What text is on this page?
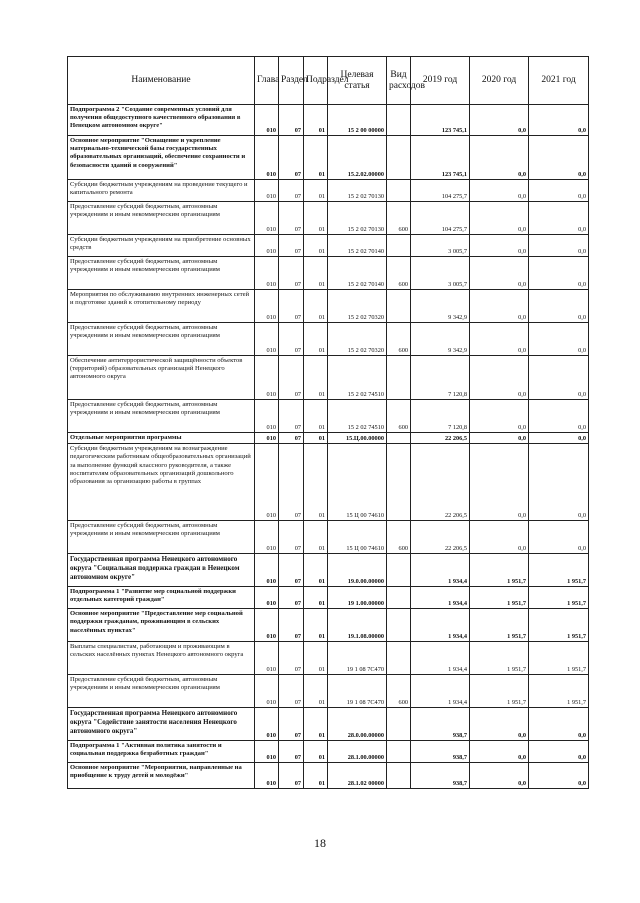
Наименование	Глава	Раздел	Подраздел	Целевая статья	Вид расходов	2019 год	2020 год	2021 год
Подпрограмма 2 "Создание современных условий для получения общедоступного качественного образования в Ненецком автономном округе"	010	07	01	15 2 00 00000		123 745,1	0,0	0,0
Основное мероприятие "Оснащение и укрепление материально-технической базы государственных образовательных организаций, обеспечение сохранности и безопасности зданий и сооружений"	010	07	01	15.2.02.00000		123 745,1	0,0	0,0
Субсидии бюджетным учреждениям на проведение текущего и капитального ремонта	010	07	01	15 2 02 70130		104 275,7	0,0	0,0
Предоставление субсидий бюджетным, автономным учреждениям и иным некоммерческим организациям	010	07	01	15 2 02 70130	600	104 275,7	0,0	0,0
Субсидии бюджетным учреждениям на приобретение основных средств	010	07	01	15 2 02 70140		3 005,7	0,0	0,0
Предоставление субсидий бюджетным, автономным учреждениям и иным некоммерческим организациям	010	07	01	15 2 02 70140	600	3 005,7	0,0	0,0
Мероприятия по обслуживанию внутренних инженерных сетей и подготовке зданий к отопительному периоду	010	07	01	15 2 02 70320		9 342,9	0,0	0,0
Предоставление субсидий бюджетным, автономным учреждениям и иным некоммерческим организациям	010	07	01	15 2 02 70320	600	9 342,9	0,0	0,0
Обеспечение антитеррористической защищённости объектов (территорий) образовательных организаций Ненецкого автономного округа	010	07	01	15 2 02 74510		7 120,8	0,0	0,0
Предоставление субсидий бюджетным, автономным учреждениям и иным некоммерческим организациям	010	07	01	15 2 02 74510	600	7 120,8	0,0	0,0
Отдельные мероприятия программы	010	07	01	15.Ц.00.00000		22 206,5	0,0	0,0
Субсидии бюджетным учреждениям на вознаграждение педагогическим работникам общеобразовательных организаций за выполнение функций классного руководителя, а также воспитателям образовательных организаций дошкольного образования за организацию работы в группах	010	07	01	15 Ц 00 74610		22 206,5	0,0	0,0
Предоставление субсидий бюджетным, автономным учреждениям и иным некоммерческим организациям	010	07	01	15 Ц 00 74610	600	22 206,5	0,0	0,0
Государственная программа Ненецкого автономного округа "Социальная поддержка граждан в Ненецком автономном округе"	010	07	01	19.0.00.00000		1 934,4	1 951,7	1 951,7
Подпрограмма 1 "Развитие мер социальной поддержки отдельных категорий граждан"	010	07	01	19 1.00.00000		1 934,4	1 951,7	1 951,7
Основное мероприятие "Предоставление мер социальной поддержки гражданам, проживающим в сельских населённых пунктах"	010	07	01	19.1.08.00000		1 934,4	1 951,7	1 951,7
Выплаты специалистам, работающим и проживающим в сельских населённых пунктах Ненецкого автономного округа	010	07	01	19 1 08 7С470		1 934,4	1 951,7	1 951,7
Предоставление субсидий бюджетным, автономным учреждениям и иным некоммерческим организациям	010	07	01	19 1 08 7С470	600	1 934,4	1 951,7	1 951,7
Государственная программа Ненецкого автономного округа "Содействие занятости населения Ненецкого автономного округа"	010	07	01	28.0.00.00000		938,7	0,0	0,0
Подпрограмма 1 "Активная политика занятости и социальная поддержка безработных граждан"	010	07	01	28.1.00.00000		938,7	0,0	0,0
Основное мероприятие "Мероприятия, направленные на приобщение к труду детей и молодёжи"	010	07	01	28.1.02 00000		938,7	0,0	0,0
18
